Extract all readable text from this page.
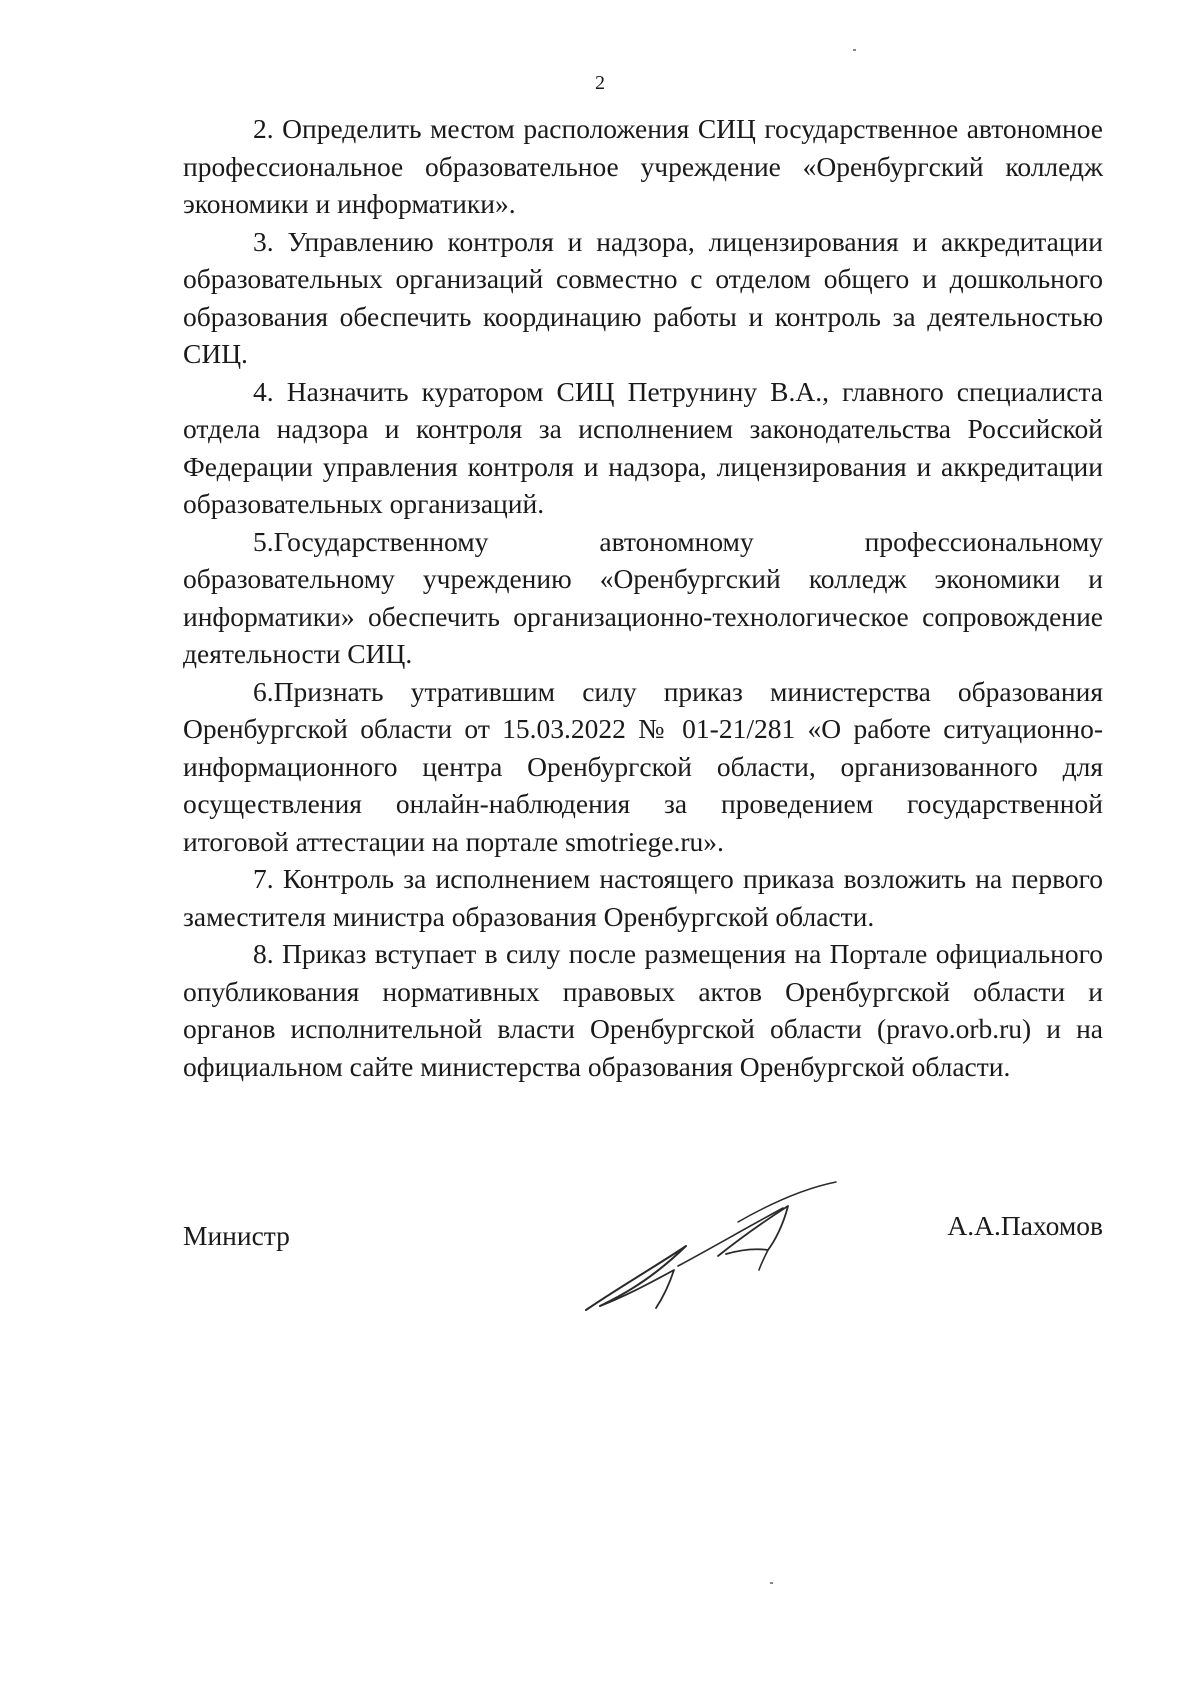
2

2. Определить местом расположения СИЦ государственное автономное профессиональное образовательное учреждение «Оренбургский колледж экономики и информатики».

3. Управлению контроля и надзора, лицензирования и аккредитации образовательных организаций совместно с отделом общего и дошкольного образования обеспечить координацию работы и контроль за деятельностью СИЦ.

4. Назначить куратором СИЦ Петрунину В.А., главного специалиста отдела надзора и контроля за исполнением законодательства Российской Федерации управления контроля и надзора, лицензирования и аккредитации образовательных организаций.

5.Государственному автономному профессиональному образовательному учреждению «Оренбургский колледж экономики и информатики» обеспечить организационно-технологическое сопровождение деятельности СИЦ.

6.Признать утратившим силу приказ министерства образования Оренбургской области от 15.03.2022 № 01-21/281 «О работе ситуационно-информационного центра Оренбургской области, организованного для осуществления онлайн-наблюдения за проведением государственной итоговой аттестации на портале smotriege.ru».

7. Контроль за исполнением настоящего приказа возложить на первого заместителя министра образования Оренбургской области.

8. Приказ вступает в силу после размещения на Портале официального опубликования нормативных правовых актов Оренбургской области и органов исполнительной власти Оренбургской области (pravo.orb.ru) и на официальном сайте министерства образования Оренбургской области.

Министр	А.А.Пахомов
